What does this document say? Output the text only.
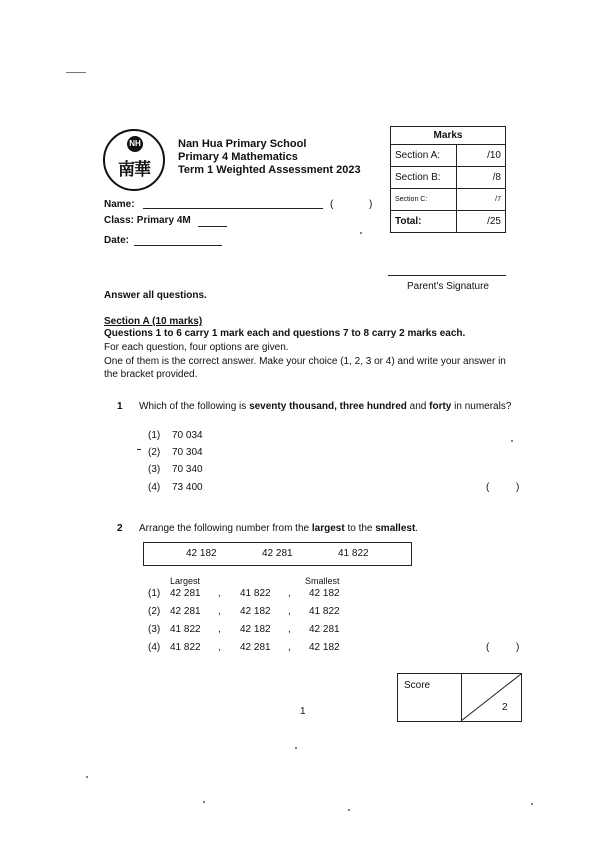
NH
南華
Nan Hua Primary School
Primary 4 Mathematics
Term 1 Weighted Assessment 2023
Marks	
Section A:	/10
Section B:	/8
Section C:	/7
Total:	/25
Name:	(	)
Class: Primary 4M
Date:
Parent's Signature
Answer all questions.
Section A (10 marks)
Questions 1 to 6 carry 1 mark each and questions 7 to 8 carry 2 marks each.
For each question, four options are given.
One of them is the correct answer. Make your choice (1, 2, 3 or 4) and write your answer in
the bracket provided.
1 Which of the following is seventy thousand, three hundred and forty in numerals?
(1) 70 034
(2) 70 304
(3) 70 340
(4) 73 400	(	)
2 Arrange the following number from the largest to the smallest.
42 182	42 281	41 822
Largest	Smallest
(1) 42 281 , 41 822 , 42 182
(2) 42 281 , 42 182 , 41 822
(3) 41 822 , 42 182 , 42 281
(4) 41 822 , 42 281 , 42 182	(	)
Score
2
1
